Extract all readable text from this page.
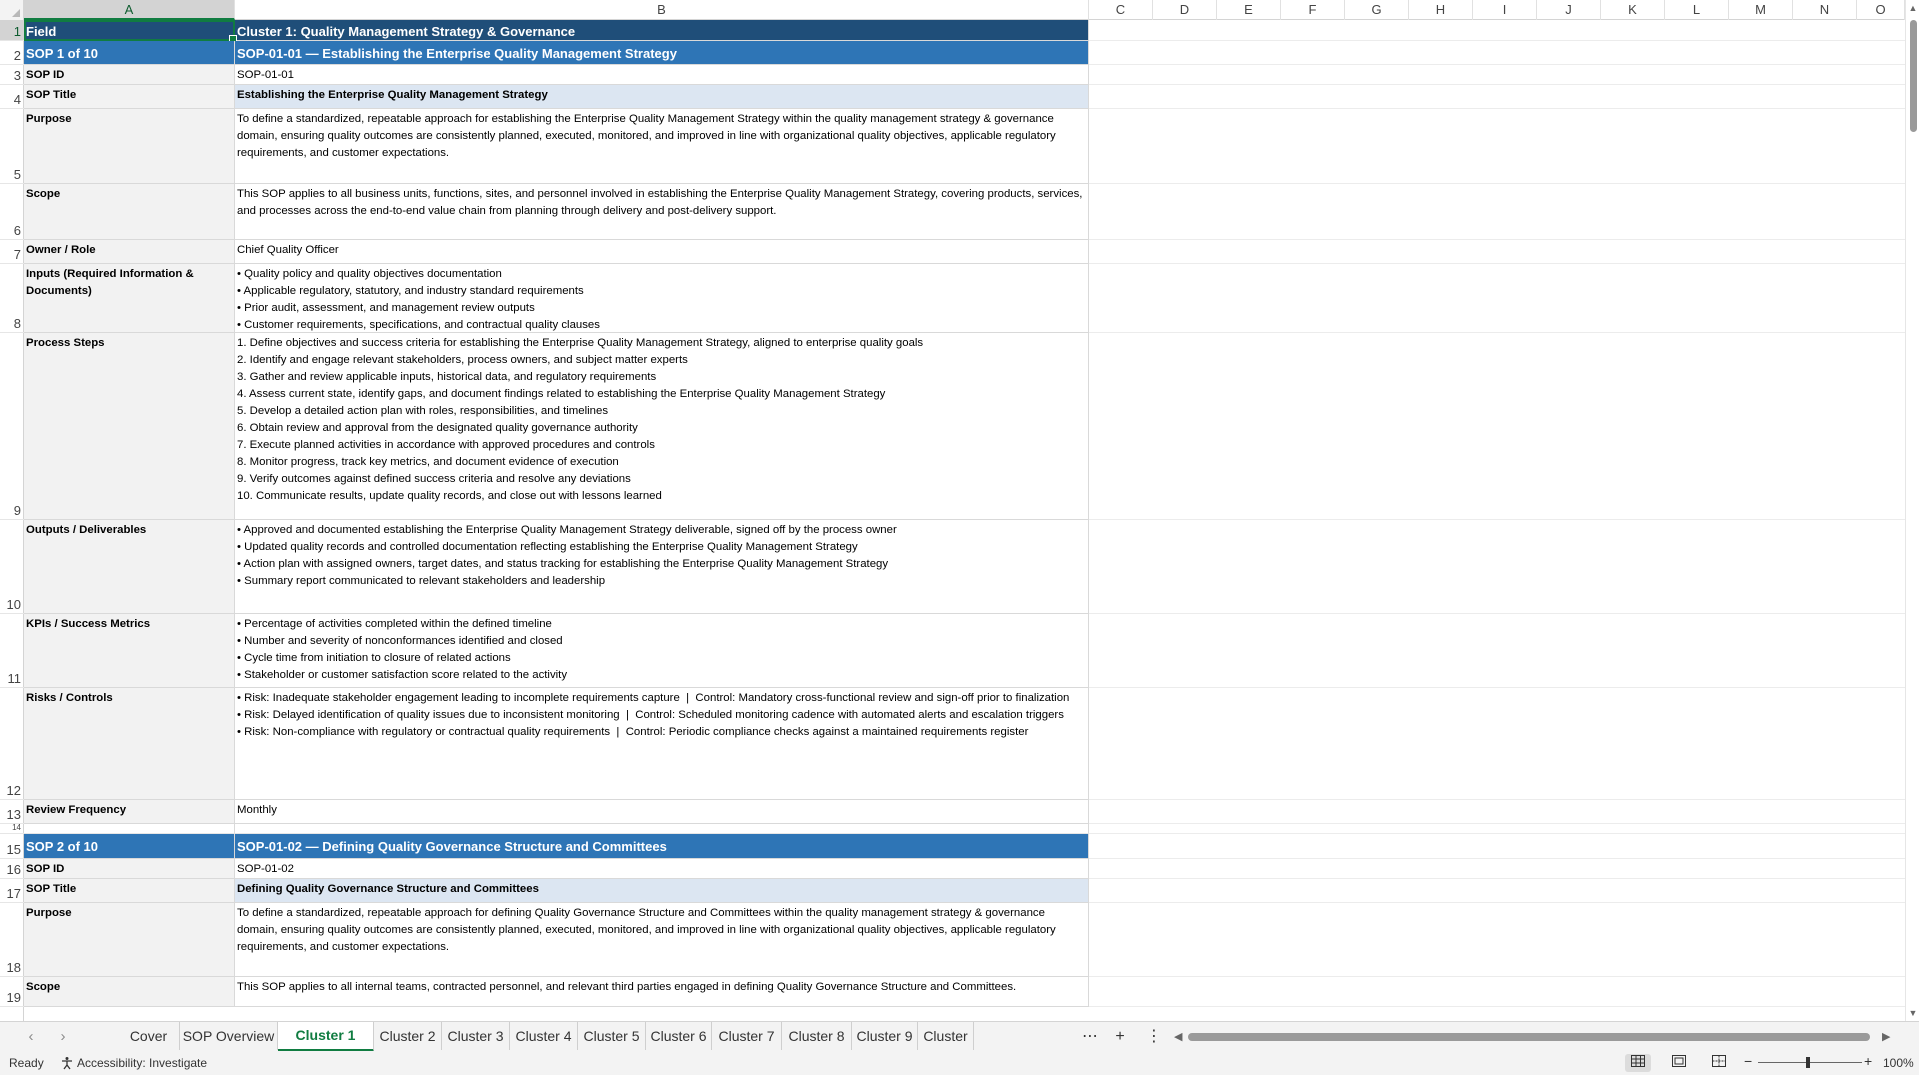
A	B	C	D	E	F	G	H	I	J	K	L	M	N	O
1
2
3
4
5
6
7
8
9
10
11
12
13
14
15
16
17
18
19
Field	Cluster 1: Quality Management Strategy & Governance
SOP 1 of 10	SOP-01-01 — Establishing the Enterprise Quality Management Strategy
SOP ID	SOP-01-01
SOP Title	Establishing the Enterprise Quality Management Strategy
Purpose	To define a standardized, repeatable approach for establishing the Enterprise Quality Management Strategy within the quality management strategy & governance domain, ensuring quality outcomes are consistently planned, executed, monitored, and improved in line with organizational quality objectives, applicable regulatory requirements, and customer expectations.
Scope	This SOP applies to all business units, functions, sites, and personnel involved in establishing the Enterprise Quality Management Strategy, covering products, services, and processes across the end-to-end value chain from planning through delivery and post-delivery support.
Owner / Role	Chief Quality Officer
Inputs (Required Information & Documents)
• Quality policy and quality objectives documentation
• Applicable regulatory, statutory, and industry standard requirements
• Prior audit, assessment, and management review outputs
• Customer requirements, specifications, and contractual quality clauses

Process Steps	1. Define objectives and success criteria for establishing the Enterprise Quality Management Strategy, aligned to enterprise quality goals
2. Identify and engage relevant stakeholders, process owners, and subject matter experts
3. Gather and review applicable inputs, historical data, and regulatory requirements
4. Assess current state, identify gaps, and document findings related to establishing the Enterprise Quality Management Strategy
5. Develop a detailed action plan with roles, responsibilities, and timelines
6. Obtain review and approval from the designated quality governance authority
7. Execute planned activities in accordance with approved procedures and controls
8. Monitor progress, track key metrics, and document evidence of execution
9. Verify outcomes against defined success criteria and resolve any deviations
10. Communicate results, update quality records, and close out with lessons learned
Outputs / Deliverables	• Approved and documented establishing the Enterprise Quality Management Strategy deliverable, signed off by the process owner
• Updated quality records and controlled documentation reflecting establishing the Enterprise Quality Management Strategy
• Action plan with assigned owners, target dates, and status tracking for establishing the Enterprise Quality Management Strategy
• Summary report communicated to relevant stakeholders and leadership
KPIs / Success Metrics	• Percentage of activities completed within the defined timeline
• Number and severity of nonconformances identified and closed
• Cycle time from initiation to closure of related actions
• Stakeholder or customer satisfaction score related to the activity
Risks / Controls	• Risk: Inadequate stakeholder engagement leading to incomplete requirements capture  |  Control: Mandatory cross-functional review and sign-off prior to finalization
• Risk: Delayed identification of quality issues due to inconsistent monitoring  |  Control: Scheduled monitoring cadence with automated alerts and escalation triggers
• Risk: Non-compliance with regulatory or contractual quality requirements  |  Control: Periodic compliance checks against a maintained requirements register
Review Frequency	Monthly
SOP 2 of 10	SOP-01-02 — Defining Quality Governance Structure and Committees
SOP ID	SOP-01-02
SOP Title	Defining Quality Governance Structure and Committees
Purpose	To define a standardized, repeatable approach for defining Quality Governance Structure and Committees within the quality management strategy & governance domain, ensuring quality outcomes are consistently planned, executed, monitored, and improved in line with organizational quality objectives, applicable regulatory requirements, and customer expectations.
Scope	This SOP applies to all internal teams, contracted personnel, and relevant third parties engaged in defining Quality Governance Structure and Committees.
▲
▼
‹	›	Cover	SOP Overview	Cluster 1	Cluster 2 Cluster 3 Cluster 4 Cluster 5 Cluster 6 Cluster 7 Cluster 8 Cluster 9 Cluster	⋯	+	⋮ ◀	▶
Ready	Accessibility: Investigate	−	+ 100%
